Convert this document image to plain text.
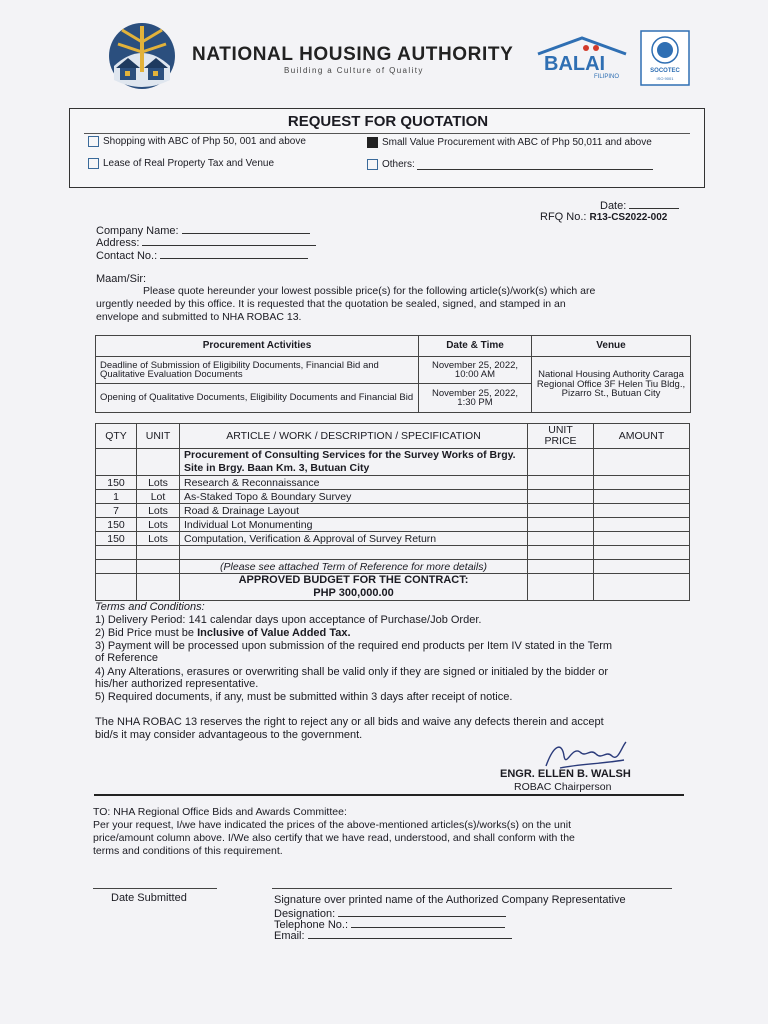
NATIONAL HOUSING AUTHORITY
Building a Culture of Quality	BALAI
FILIPINO
SOCOTEC
ISO 9001
REQUEST FOR QUOTATION
Shopping with ABC of Php 50, 001 and above	Small Value Procurement with ABC of Php 50,011 and above
Lease of Real Property Tax and Venue	Others:
Date:
RFQ No.: R13-CS2022-002
Company Name:
Address:
Contact No.:
Maam/Sir:
Please quote hereunder your lowest possible price(s) for the following article(s)/work(s) which are
urgently needed by this office. It is requested that the quotation be sealed, signed, and stamped in an
envelope and submitted to NHA ROBAC 13.
Procurement Activities	Date & Time	Venue
Deadline of Submission of Eligibility Documents, Financial Bid and Qualitative Evaluation Documents	November 25, 2022, 10:00 AM	National Housing Authority Caraga Regional Office 3F Helen Tiu Bldg., Pizarro St., Butuan City
Opening of Qualitative Documents, Eligibility Documents and Financial Bid	November 25, 2022, 1:30 PM	
QTY	UNIT	ARTICLE / WORK / DESCRIPTION / SPECIFICATION	UNIT PRICE	AMOUNT
		Procurement of Consulting Services for the Survey Works of Brgy. Site in Brgy. Baan Km. 3, Butuan City		
150	Lots	Research & Reconnaissance		
1	Lot	As-Staked Topo & Boundary Survey		
7	Lots	Road & Drainage Layout		
150	Lots	Individual Lot Monumenting		
150	Lots	Computation, Verification & Approval of Survey Return		

		(Please see attached Term of Reference for more details)		

		APPROVED BUDGET FOR THE CONTRACT:
PHP 300,000.00		

Terms and Conditions:
1) Delivery Period: 141 calendar days upon acceptance of Purchase/Job Order.
2) Bid Price must be Inclusive of Value Added Tax.
3) Payment will be processed upon submission of the required end products per Item IV stated in the Term
of Reference
4) Any Alterations, erasures or overwriting shall be valid only if they are signed or initialed by the bidder or
his/her authorized representative.
5) Required documents, if any, must be submitted within 3 days after receipt of notice.
The NHA ROBAC 13 reserves the right to reject any or all bids and waive any defects therein and accept
bid/s it may consider advantageous to the government.
ENGR. ELLEN B. WALSH
ROBAC Chairperson
TO: NHA Regional Office Bids and Awards Committee:
Per your request, I/we have indicated the prices of the above-mentioned articles(s)/works(s) on the unit
price/amount column above. I/We also certify that we have read, understood, and shall conform with the
terms and conditions of this requirement.
Date Submitted	Signature over printed name of the Authorized Company Representative
Designation:
Telephone No.:
Email:
